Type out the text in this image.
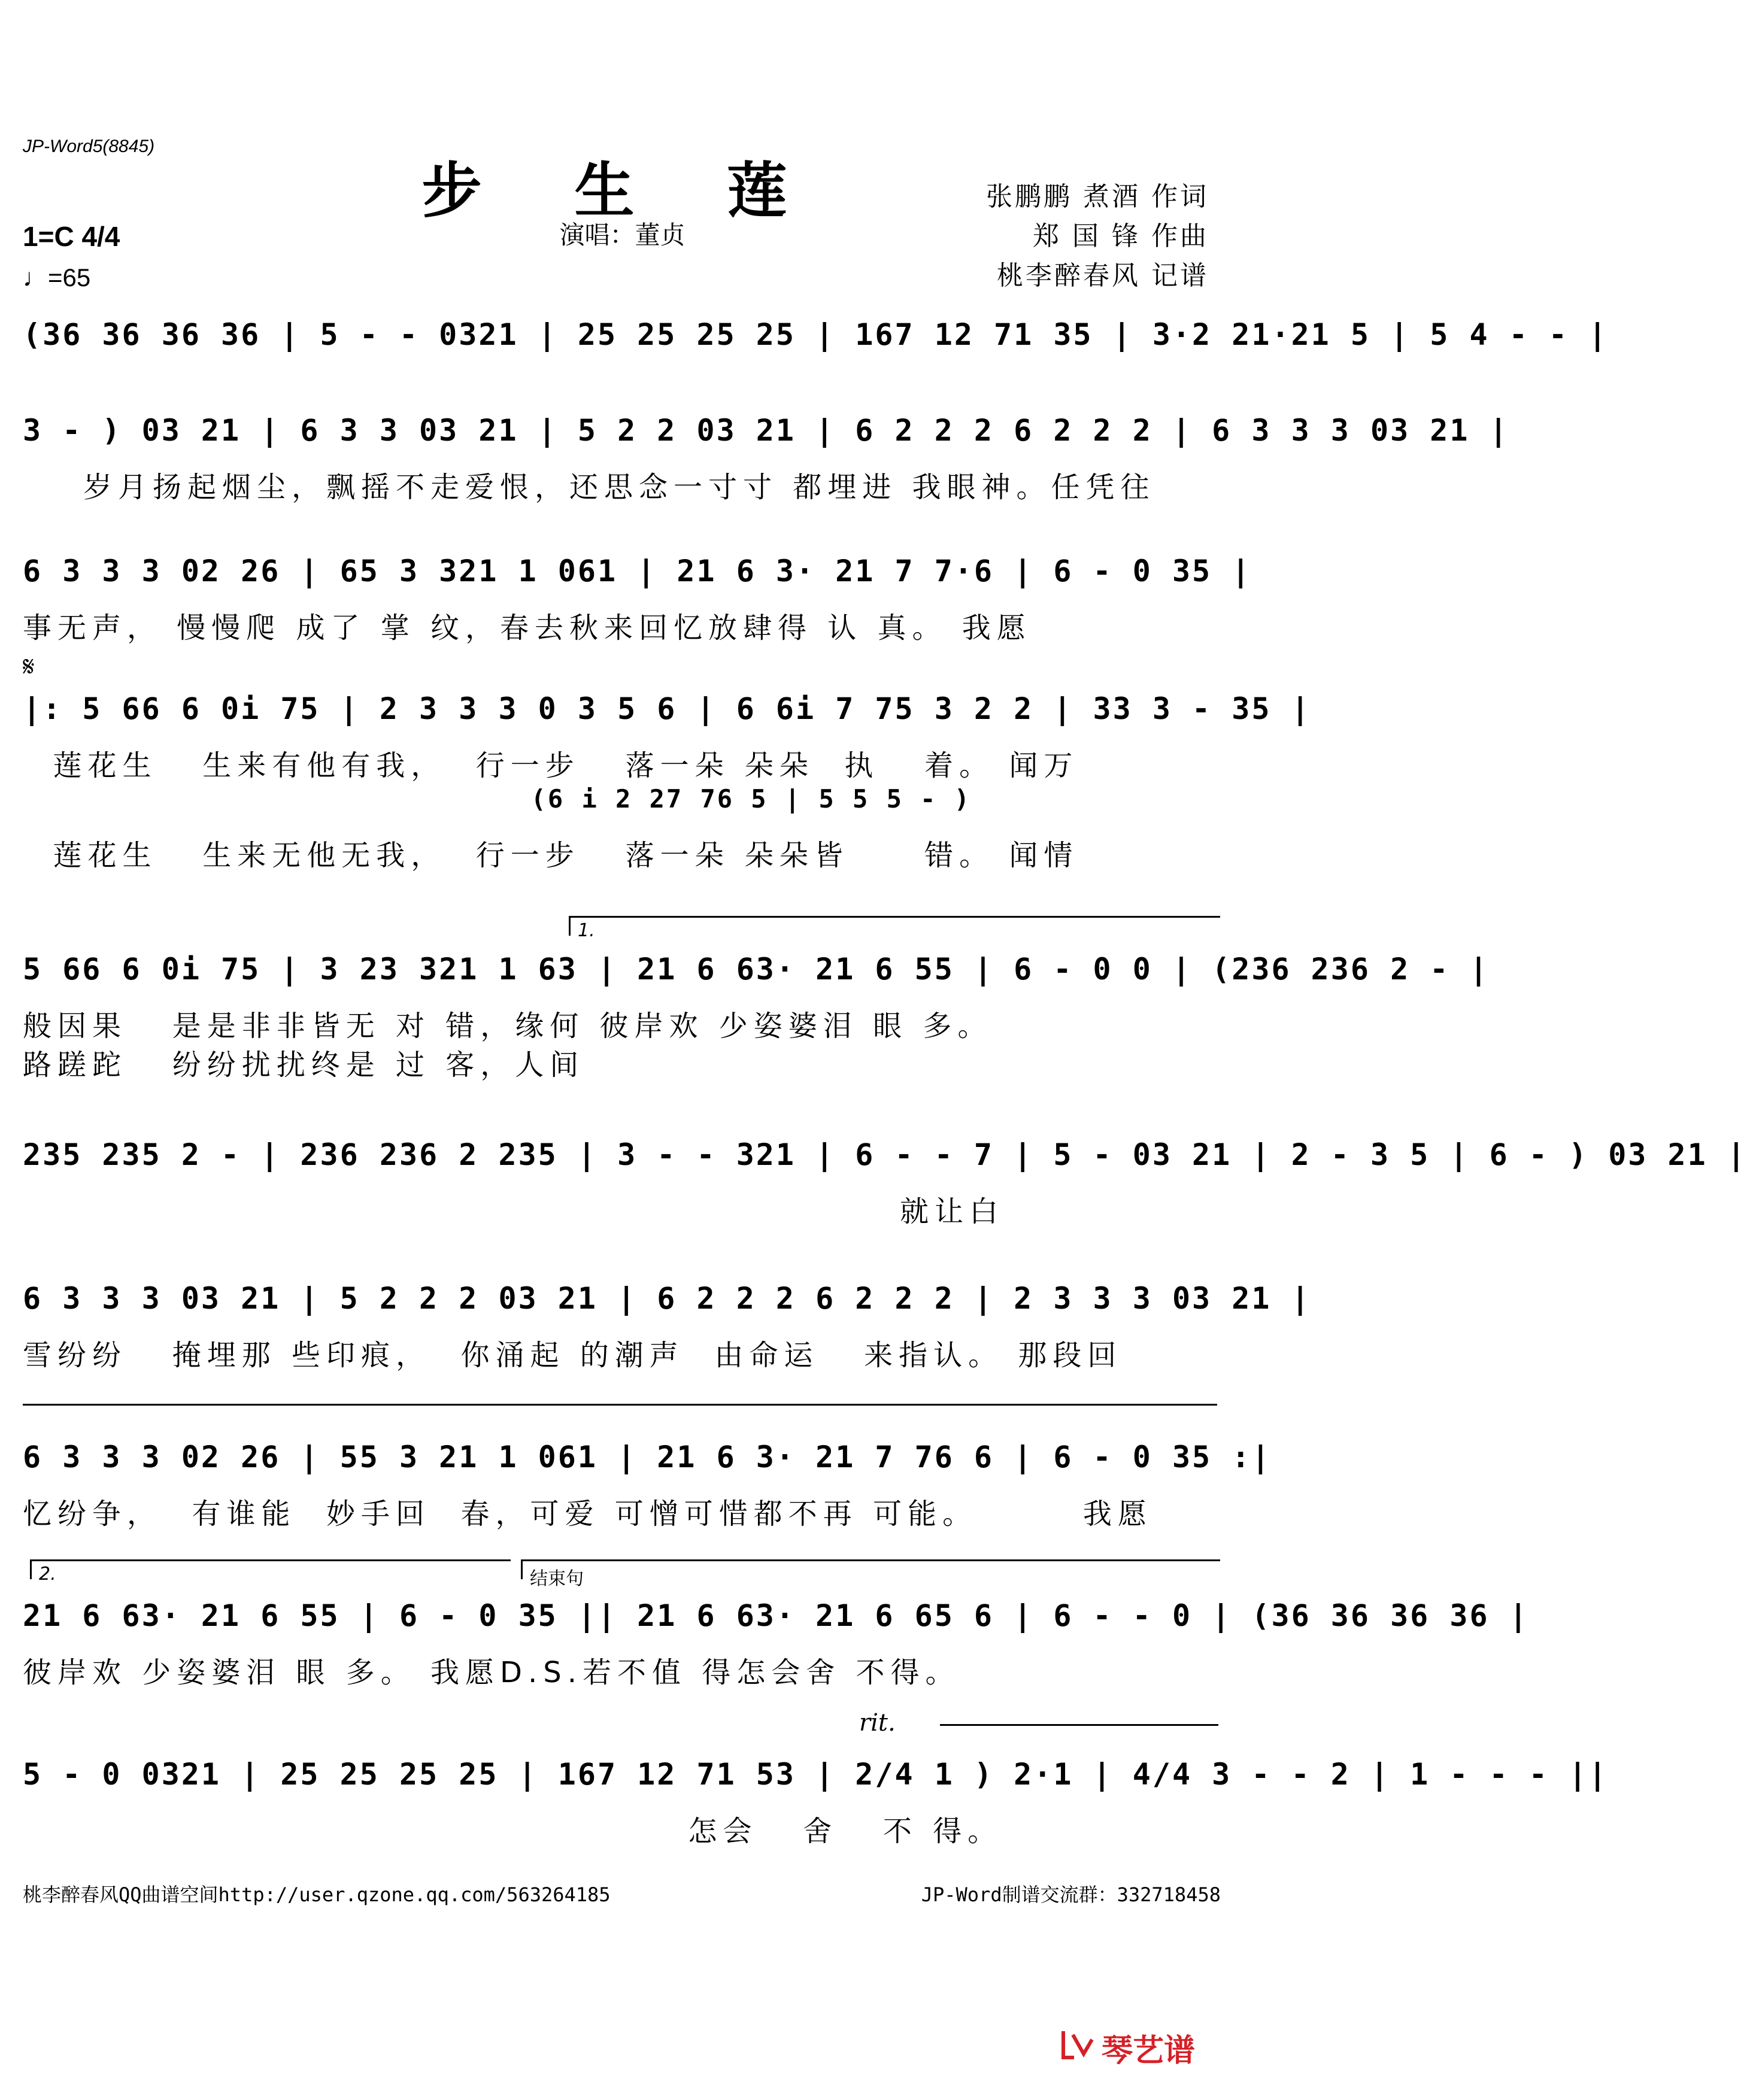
JP-Word5(8845)
步 生 莲
演唱：董贞
张鹏鹏 煮酒 作词
郑 国 锋 作曲
桃李醉春风 记谱
1=C 4/4
♩=65
(36 36 36 36 | 5 - - 0321 | 25 25 25 25 | 167 12 71 35 | 3·2 21·21 5 | 5 4 - - |
3 - ) 03 21 | 6 3 3 03 21 | 5 2 2 03 21 | 6 2 2 2 6 2 2 2 | 6 3 3 3 03 21 |
岁月扬起烟尘，飘摇不走爱恨，还思念一寸寸 都埋进 我眼神。任凭往
6 3 3 3 02 26 | 65 3 321 1 061 | 21 6 3· 21 7 7·6 | 6 - 0 35 |
事无声， 慢慢爬 成了 掌 纹，春去秋来回忆放肆得 认 真。 我愿
𝄋
|: 5 66 6 0i 75 | 2 3 3 3 0 3 5 6 | 6 6i 7 75 3 2 2 | 33 3 - 35 |
莲花生   生来有他有我，  行一步   落一朵 朵朵  执   着。 闻万
(6 i 2 27 76 5 | 5 5 5 - )
莲花生   生来无他无我，  行一步   落一朵 朵朵皆     错。 闻情
1.
5 66 6 0i 75 | 3 23 321 1 63 | 21 6 63· 21 6 55 | 6 - 0 0 | (236 236 2 - |
般因果   是是非非皆无 对 错，缘何 彼岸欢 少姿婆泪 眼 多。
路蹉跎   纷纷扰扰终是 过 客，人间
235 235 2 - | 236 236 2 235 | 3 - - 321 | 6 - - 7 | 5 - 03 21 | 2 - 3 5 | 6 - ) 03 21 |
就让白
6 3 3 3 03 21 | 5 2 2 2 03 21 | 6 2 2 2 6 2 2 2 | 2 3 3 3 03 21 |
雪纷纷   掩埋那 些印痕，  你涌起 的潮声  由命运   来指认。 那段回
6 3 3 3 02 26 | 55 3 21 1 061 | 21 6 3· 21 7 76 6 | 6 - 0 35 :|
忆纷争，  有谁能  妙手回  春，可爱 可憎可惜都不再 可能。       我愿
2.	结束句
21 6 63· 21 6 55 | 6 - 0 35 || 21 6 63· 21 6 65 6 | 6 - - 0 | (36 36 36 36 |
彼岸欢 少姿婆泪 眼 多。 我愿D.S.若不值 得怎会舍 不得。
rit.
5 - 0 0321 | 25 25 25 25 | 167 12 71 53 | 2/4 1 ) 2·1 | 4/4 3 - - 2 | 1 - - - ||
怎会   舍   不 得。
桃李醉春风QQ曲谱空间http://user.qzone.qq.com/563264185	JP-Word制谱交流群：332718458
琴艺谱
